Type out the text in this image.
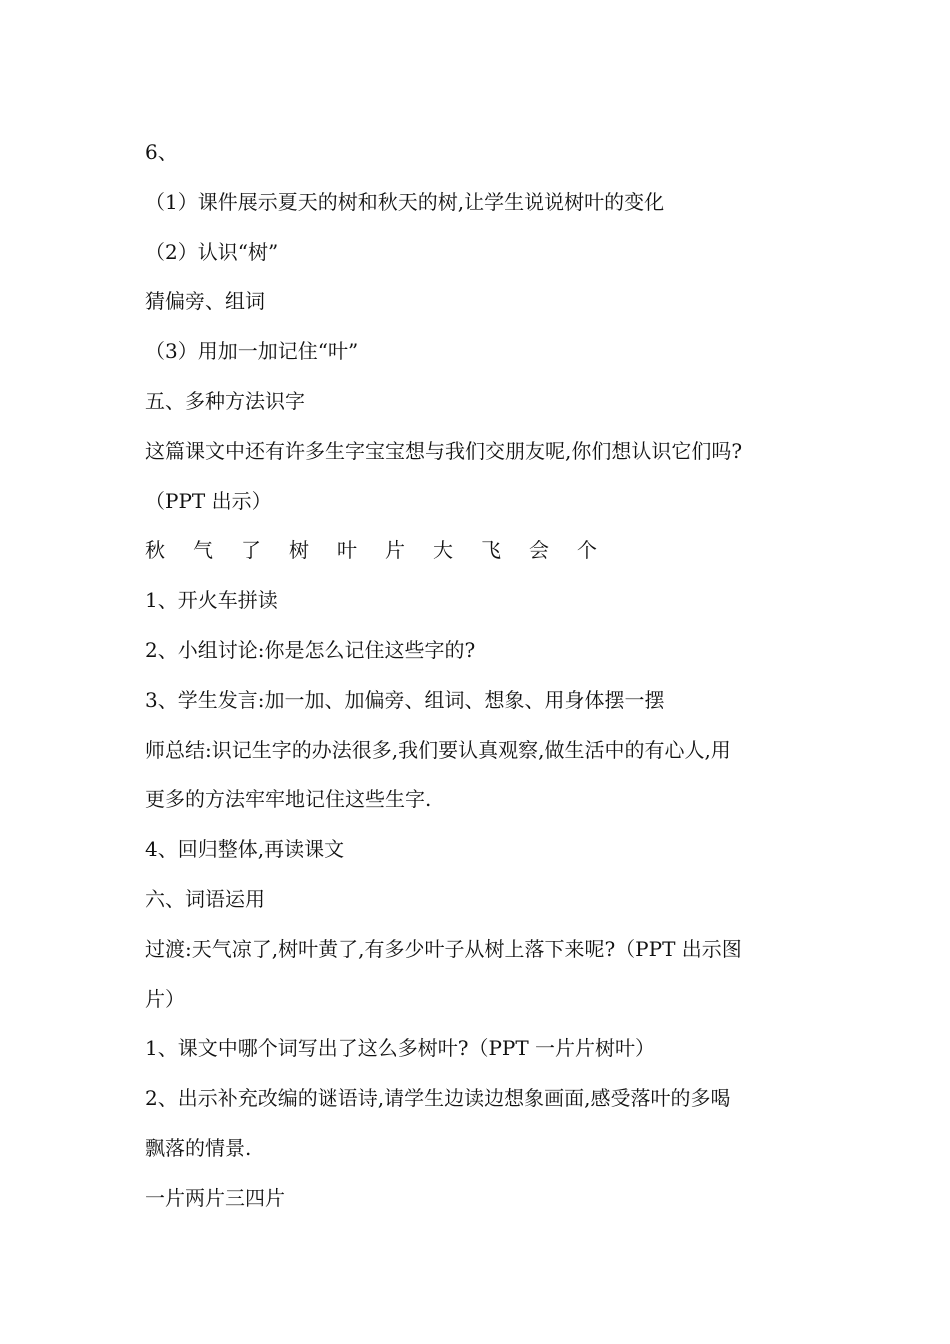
6、
（1）课件展示夏天的树和秋天的树,让学生说说树叶的变化
（2）认识“树”
猜偏旁、组词
（3）用加一加记住“叶”
五、多种方法识字
这篇课文中还有许多生字宝宝想与我们交朋友呢,你们想认识它们吗?
（PPT 出示）
秋	气	了	树	叶	片	大	飞	会	个
1、开火车拼读
2、小组讨论:你是怎么记住这些字的?
3、学生发言:加一加、加偏旁、组词、想象、用身体摆一摆
师总结:识记生字的办法很多,我们要认真观察,做生活中的有心人,用
更多的方法牢牢地记住这些生字.
4、回归整体,再读课文
六、词语运用
过渡:天气凉了,树叶黄了,有多少叶子从树上落下来呢?（PPT 出示图
片）
1、课文中哪个词写出了这么多树叶?（PPT 一片片树叶）
2、出示补充改编的谜语诗,请学生边读边想象画面,感受落叶的多喝
飘落的情景.
一片两片三四片
